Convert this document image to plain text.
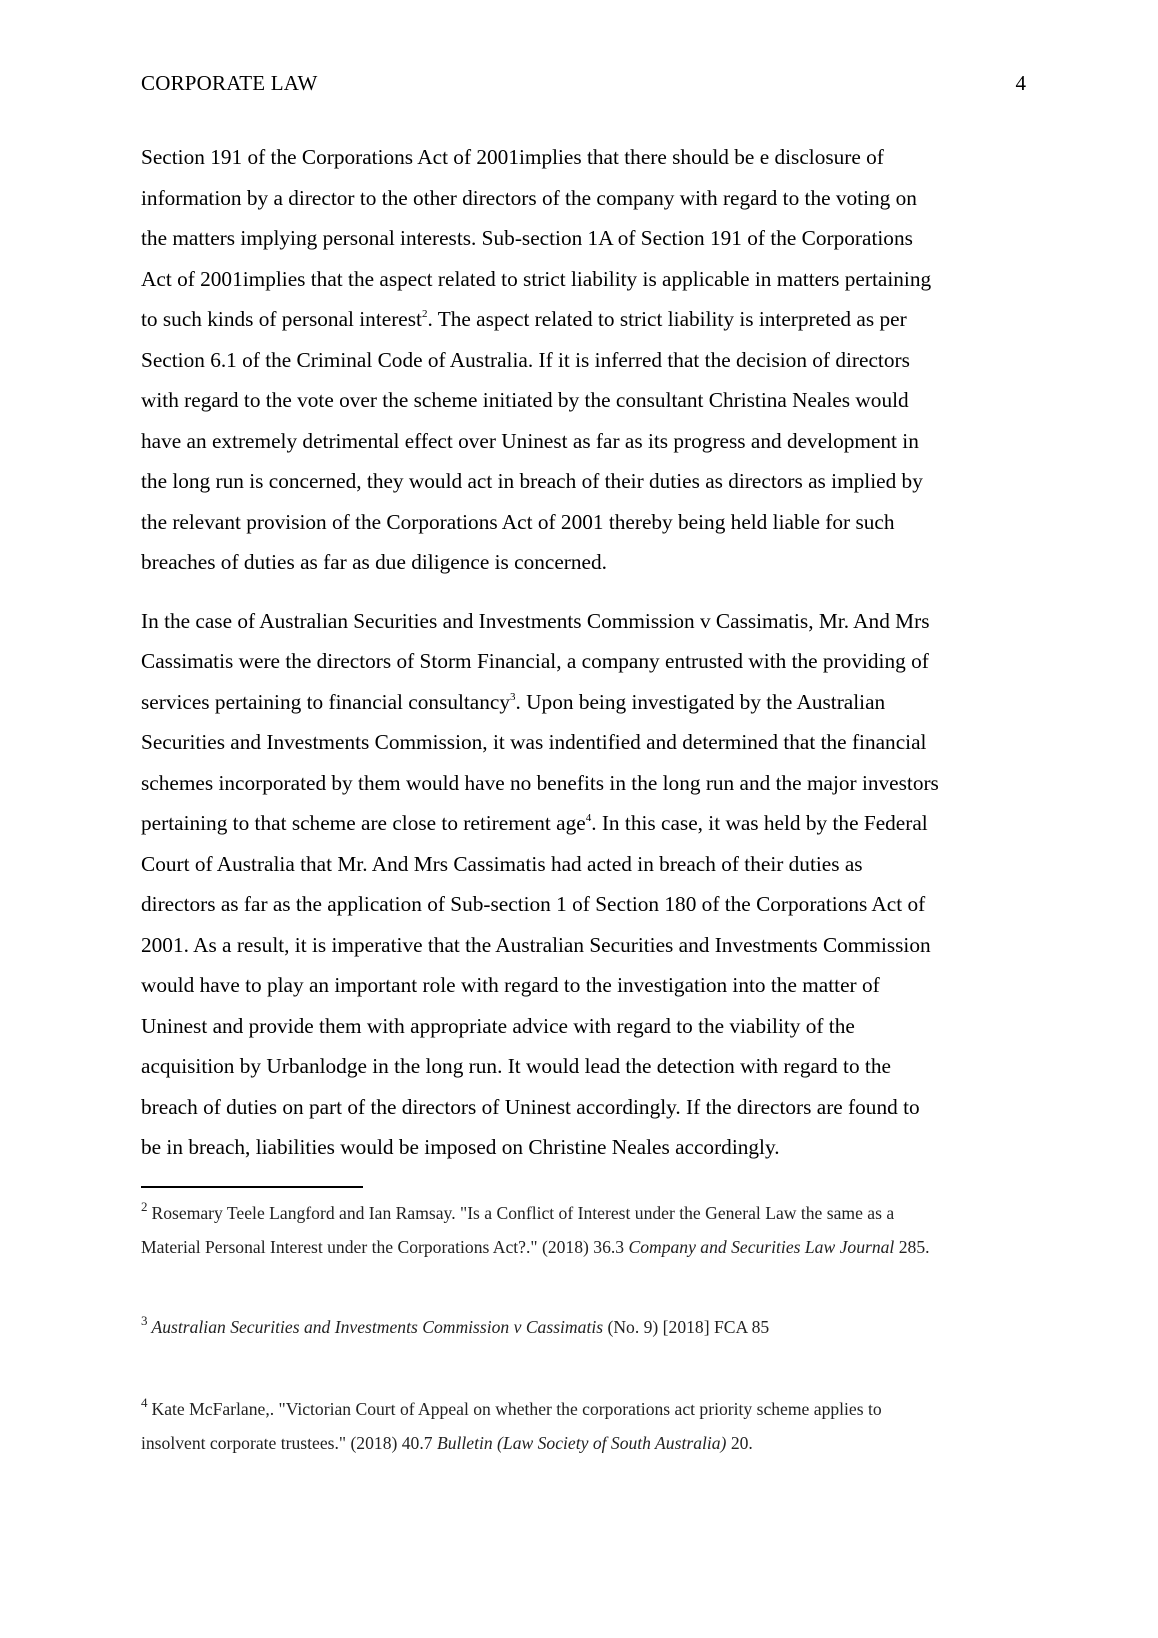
CORPORATE LAW	4

Section 191 of the Corporations Act of 2001implies that there should be e disclosure of
information by a director to the other directors of the company with regard to the voting on
the matters implying personal interests. Sub-section 1A of Section 191 of the Corporations
Act of 2001implies that the aspect related to strict liability is applicable in matters pertaining
to such kinds of personal interest$^2$. The aspect related to strict liability is interpreted as per
Section 6.1 of the Criminal Code of Australia. If it is inferred that the decision of directors
with regard to the vote over the scheme initiated by the consultant Christina Neales would
have an extremely detrimental effect over Uninest as far as its progress and development in
the long run is concerned, they would act in breach of their duties as directors as implied by
the relevant provision of the Corporations Act of 2001 thereby being held liable for such
breaches of duties as far as due diligence is concerned.

In the case of Australian Securities and Investments Commission v Cassimatis, Mr. And Mrs
Cassimatis were the directors of Storm Financial, a company entrusted with the providing of
services pertaining to financial consultancy$^3$. Upon being investigated by the Australian
Securities and Investments Commission, it was indentified and determined that the financial
schemes incorporated by them would have no benefits in the long run and the major investors
pertaining to that scheme are close to retirement age$^4$. In this case, it was held by the Federal
Court of Australia that Mr. And Mrs Cassimatis had acted in breach of their duties as
directors as far as the application of Sub-section 1 of Section 180 of the Corporations Act of
2001. As a result, it is imperative that the Australian Securities and Investments Commission
would have to play an important role with regard to the investigation into the matter of
Uninest and provide them with appropriate advice with regard to the viability of the
acquisition by Urbanlodge in the long run. It would lead the detection with regard to the
breach of duties on part of the directors of Uninest accordingly. If the directors are found to
be in breach, liabilities would be imposed on Christine Neales accordingly.

$^2$ Rosemary Teele Langford and Ian Ramsay. "Is a Conflict of Interest under the General Law the same as a
Material Personal Interest under the Corporations Act?." (2018) 36.3 Company and Securities Law Journal 285.
$^3$ Australian Securities and Investments Commission v Cassimatis (No. 9) [2018] FCA 85
$^4$ Kate McFarlane,. "Victorian Court of Appeal on whether the corporations act priority scheme applies to
insolvent corporate trustees." (2018) 40.7 Bulletin (Law Society of South Australia) 20.
